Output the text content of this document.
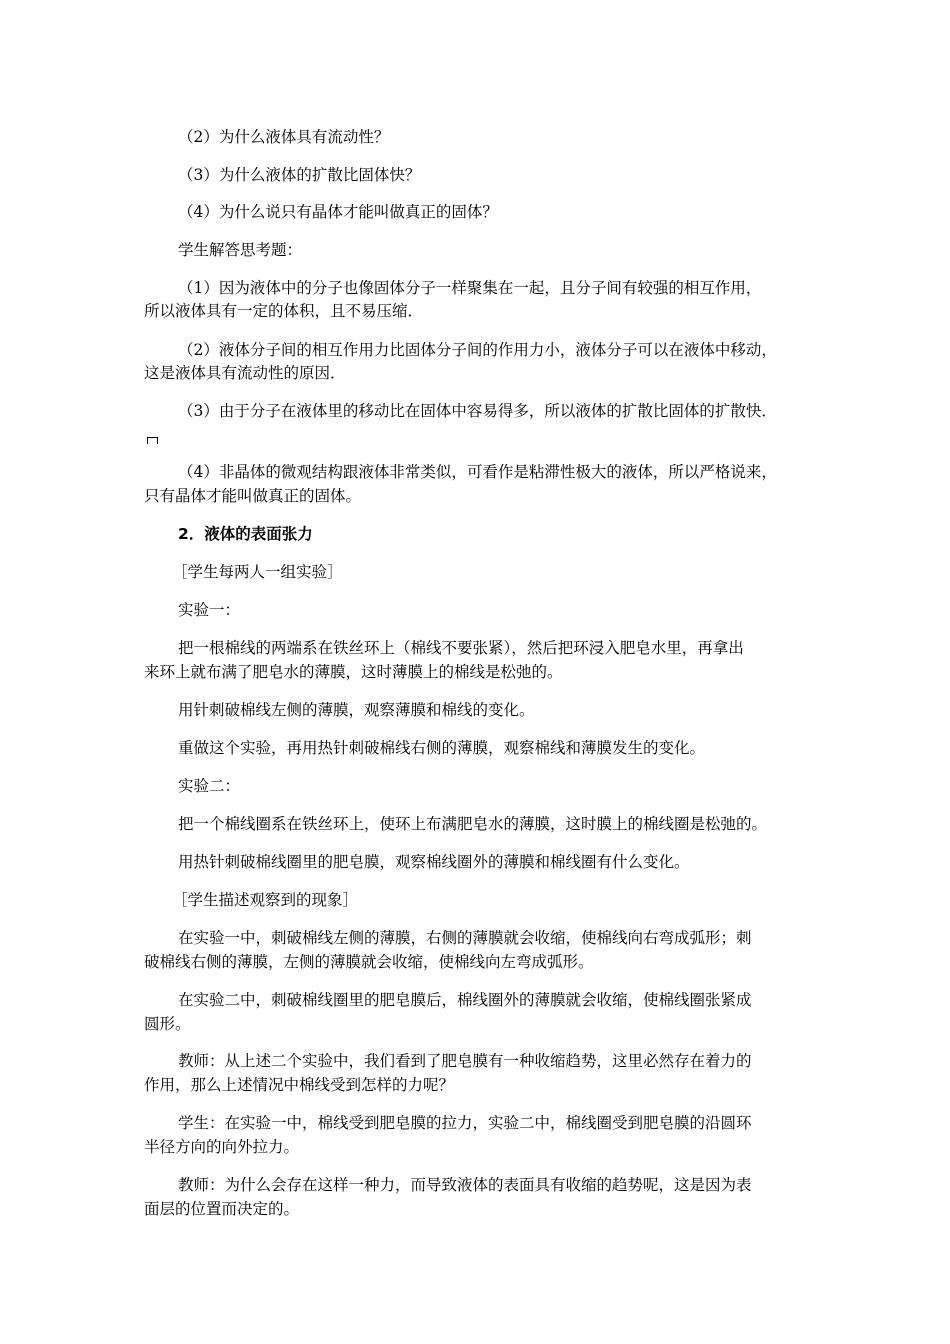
（2）为什么液体具有流动性？
（3）为什么液体的扩散比固体快？
（4）为什么说只有晶体才能叫做真正的固体？
学生解答思考题：
（1）因为液体中的分子也像固体分子一样聚集在一起，且分子间有较强的相互作用，
所以液体具有一定的体积，且不易压缩．
（2）液体分子间的相互作用力比固体分子间的作用力小，液体分子可以在液体中移动，
这是液体具有流动性的原因．
（3）由于分子在液体里的移动比在固体中容易得多，所以液体的扩散比固体的扩散快．
（4）非晶体的微观结构跟液体非常类似，可看作是粘滞性极大的液体，所以严格说来，
只有晶体才能叫做真正的固体。
2．液体的表面张力
［学生每两人一组实验］
实验一：
把一根棉线的两端系在铁丝环上（棉线不要张紧），然后把环浸入肥皂水里，再拿出
来环上就布满了肥皂水的薄膜，这时薄膜上的棉线是松弛的。
用针刺破棉线左侧的薄膜，观察薄膜和棉线的变化。
重做这个实验，再用热针刺破棉线右侧的薄膜，观察棉线和薄膜发生的变化。
实验二：
把一个棉线圈系在铁丝环上，使环上布满肥皂水的薄膜，这时膜上的棉线圈是松弛的。
用热针刺破棉线圈里的肥皂膜，观察棉线圈外的薄膜和棉线圈有什么变化。
［学生描述观察到的现象］
在实验一中，刺破棉线左侧的薄膜，右侧的薄膜就会收缩，使棉线向右弯成弧形；刺
破棉线右侧的薄膜，左侧的薄膜就会收缩，使棉线向左弯成弧形。
在实验二中，刺破棉线圈里的肥皂膜后，棉线圈外的薄膜就会收缩，使棉线圈张紧成
圆形。
教师：从上述二个实验中，我们看到了肥皂膜有一种收缩趋势，这里必然存在着力的
作用，那么上述情况中棉线受到怎样的力呢？
学生：在实验一中，棉线受到肥皂膜的拉力，实验二中，棉线圈受到肥皂膜的沿圆环
半径方向的向外拉力。
教师：为什么会存在这样一种力，而导致液体的表面具有收缩的趋势呢，这是因为表
面层的位置而决定的。
